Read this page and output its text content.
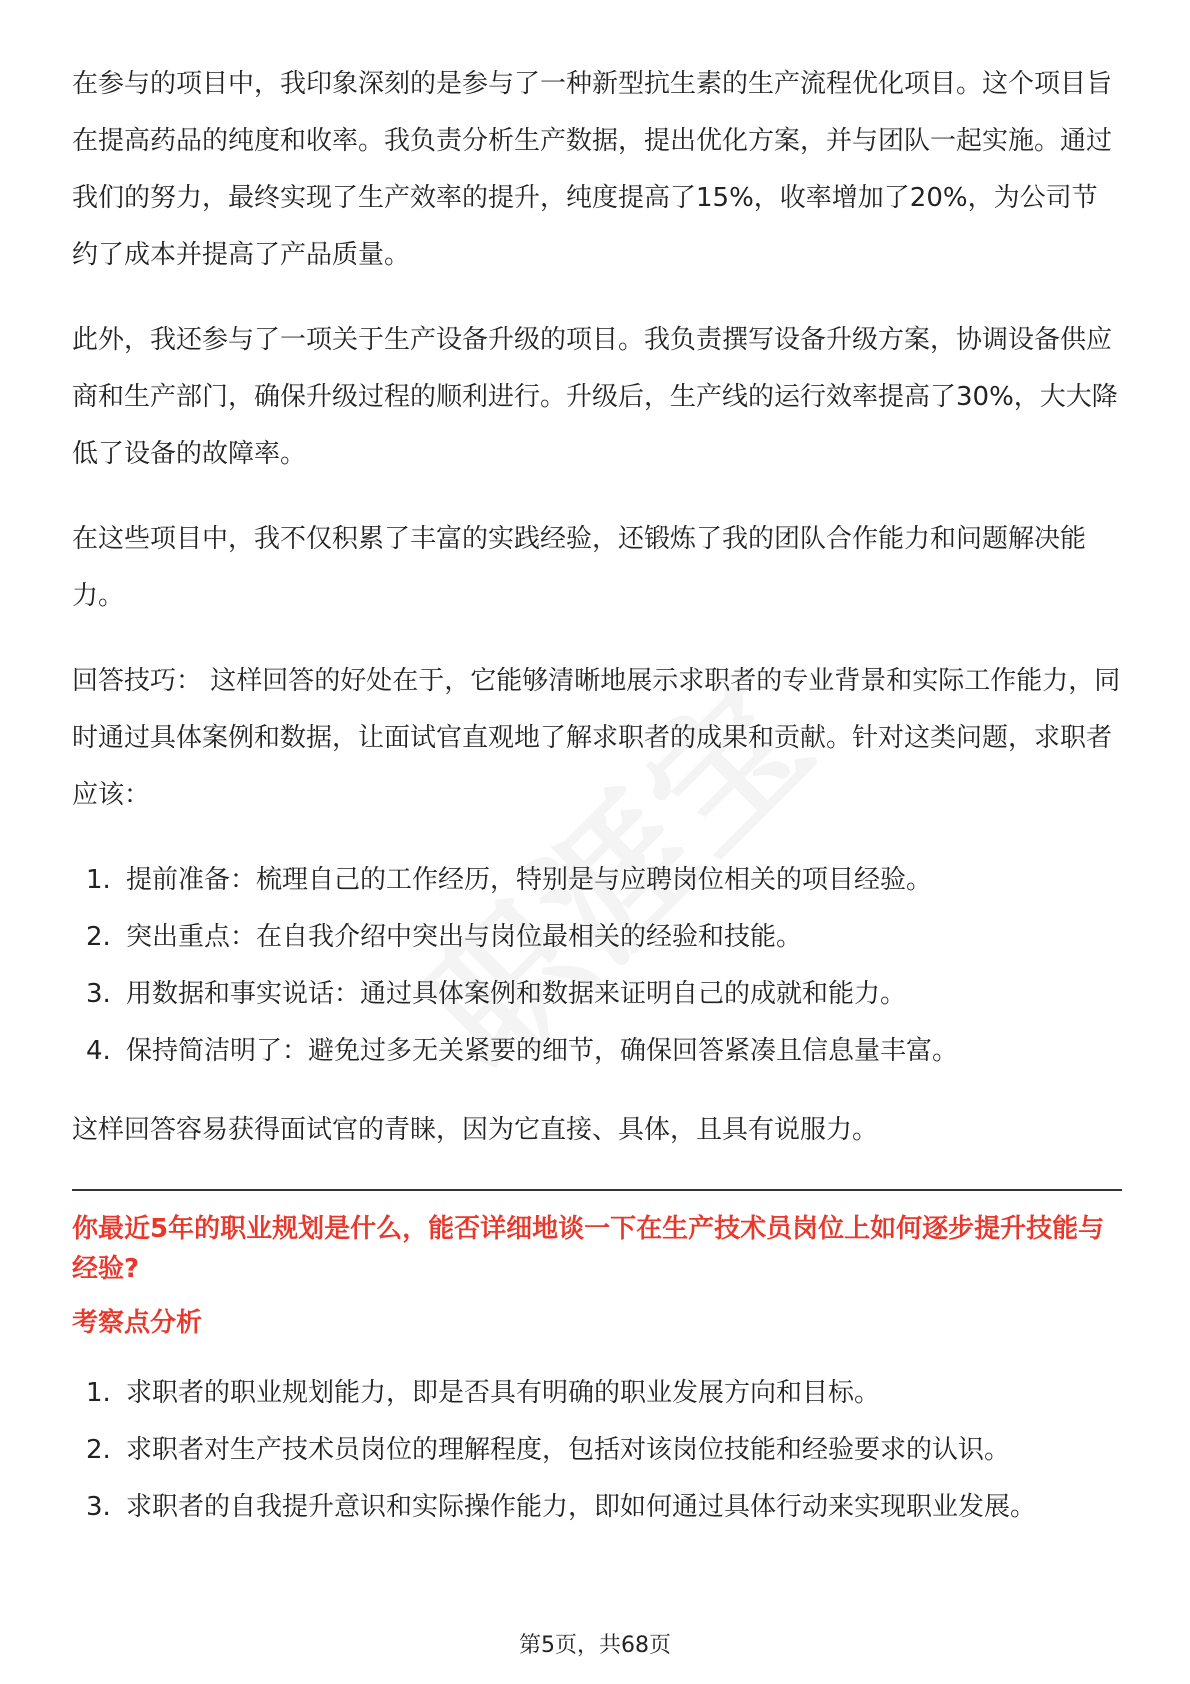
在参与的项目中，我印象深刻的是参与了一种新型抗生素的生产流程优化项目。这个项目旨在提高药品的纯度和收率。我负责分析生产数据，提出优化方案，并与团队一起实施。通过我们的努力，最终实现了生产效率的提升，纯度提高了15%，收率增加了20%，为公司节约了成本并提高了产品质量。

此外，我还参与了一项关于生产设备升级的项目。我负责撰写设备升级方案，协调设备供应商和生产部门，确保升级过程的顺利进行。升级后，生产线的运行效率提高了30%，大大降低了设备的故障率。

在这些项目中，我不仅积累了丰富的实践经验，还锻炼了我的团队合作能力和问题解决能力。

回答技巧： 这样回答的好处在于，它能够清晰地展示求职者的专业背景和实际工作能力，同时通过具体案例和数据，让面试官直观地了解求职者的成果和贡献。针对这类问题，求职者应该：

1. 提前准备：梳理自己的工作经历，特别是与应聘岗位相关的项目经验。
2. 突出重点：在自我介绍中突出与岗位最相关的经验和技能。
3. 用数据和事实说话：通过具体案例和数据来证明自己的成就和能力。
4. 保持简洁明了：避免过多无关紧要的细节，确保回答紧凑且信息量丰富。

这样回答容易获得面试官的青睐，因为它直接、具体，且具有说服力。

你最近5年的职业规划是什么，能否详细地谈一下在生产技术员岗位上如何逐步提升技能与经验?
考察点分析
1. 求职者的职业规划能力，即是否具有明确的职业发展方向和目标。
2. 求职者对生产技术员岗位的理解程度，包括对该岗位技能和经验要求的认识。
3. 求职者的自我提升意识和实际操作能力，即如何通过具体行动来实现职业发展。
第5页，共68页
